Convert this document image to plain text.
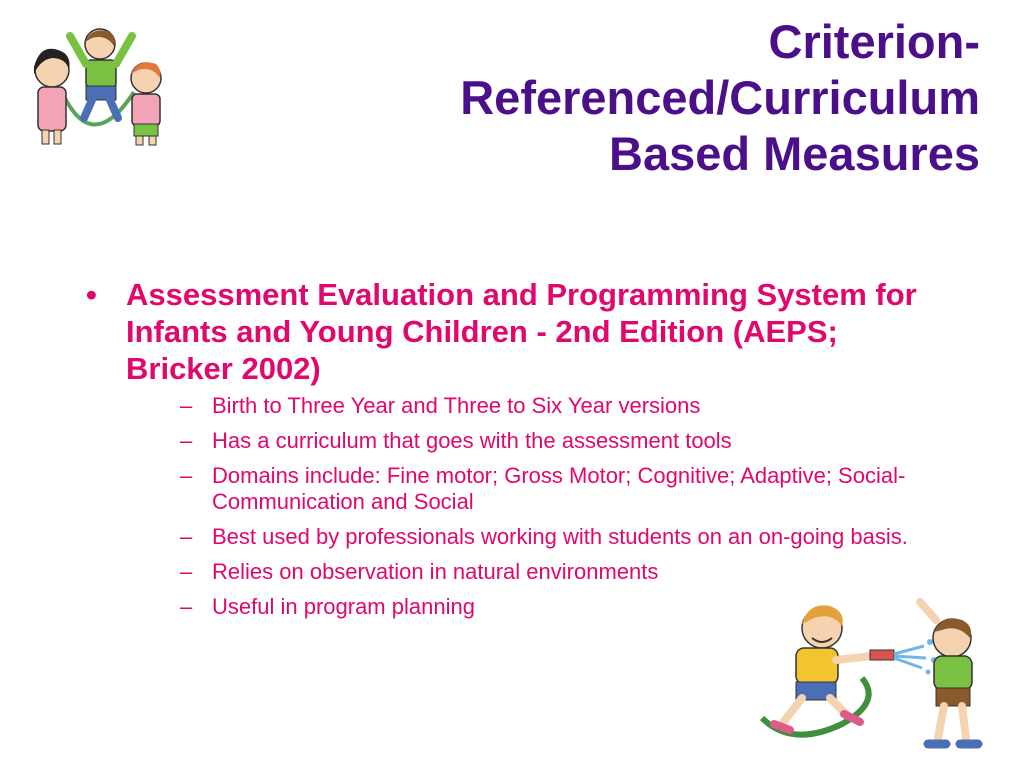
Criterion-
Referenced/Curriculum
Based Measures
• Assessment Evaluation and Programming System for Infants and Young Children - 2nd Edition (AEPS; Bricker 2002)
– Birth to Three Year and Three to Six Year versions
– Has a curriculum that goes with the assessment tools
– Domains include: Fine motor; Gross Motor; Cognitive; Adaptive; Social-Communication and Social
– Best used by professionals working with students on an on-going basis.
– Relies on observation in natural environments
– Useful in program planning
